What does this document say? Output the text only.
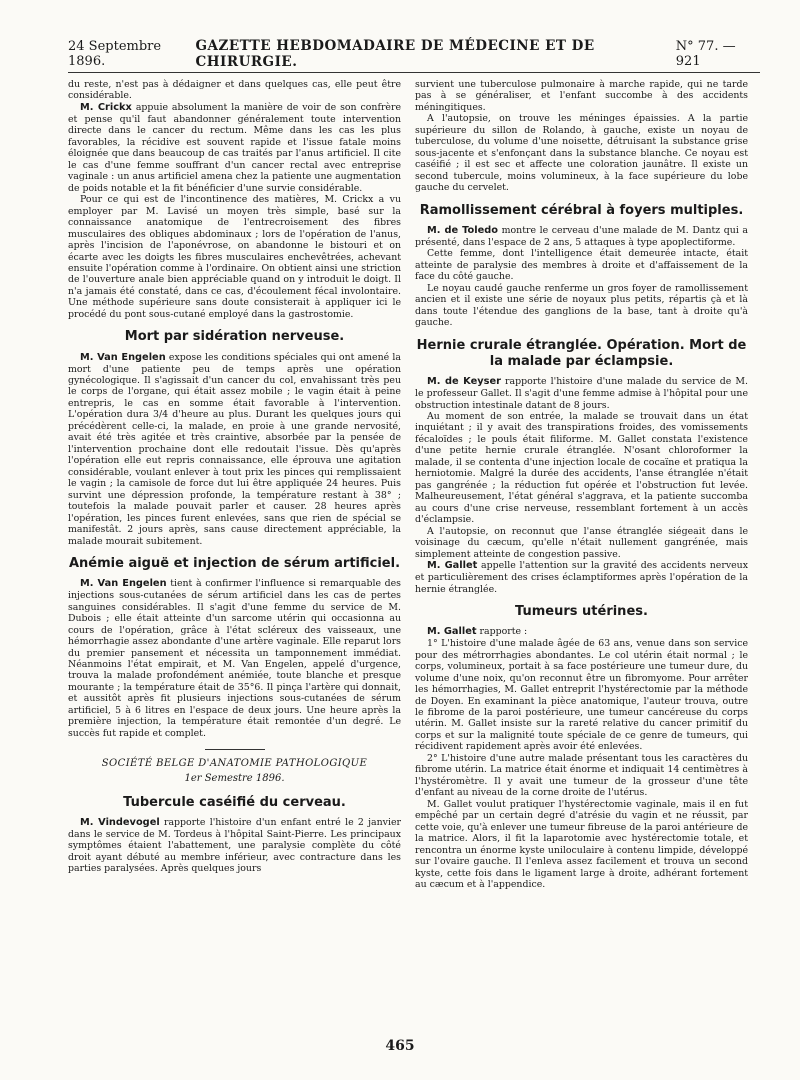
24 Septembre 1896.
GAZETTE HEBDOMADAIRE DE MÉDECINE ET DE CHIRURGIE.
N° 77. — 921

du reste, n'est pas à dédaigner et dans quelques cas, elle peut être considérable.

M. Crickx appuie absolument la manière de voir de son confrère et pense qu'il faut abandonner généralement toute intervention directe dans le cancer du rectum. Même dans les cas les plus favorables, la récidive est souvent rapide et l'issue fatale moins éloignée que dans beaucoup de cas traités par l'anus artificiel. Il cite le cas d'une femme souffrant d'un cancer rectal avec entreprise vaginale : un anus artificiel amena chez la patiente une augmentation de poids notable et la fit bénéficier d'une survie considérable.

Pour ce qui est de l'incontinence des matières, M. Crickx a vu employer par M. Lavisé un moyen très simple, basé sur la connaissance anatomique de l'entrecroisement des fibres musculaires des obliques abdominaux ; lors de l'opération de l'anus, après l'incision de l'aponévrose, on abandonne le bistouri et on écarte avec les doigts les fibres musculaires enchevêtrées, achevant ensuite l'opération comme à l'ordinaire. On obtient ainsi une striction de l'ouverture anale bien appréciable quand on y introduit le doigt. Il n'a jamais été constaté, dans ce cas, d'écoulement fécal involontaire. Une méthode supérieure sans doute consisterait à appliquer ici le procédé du pont sous-cutané employé dans la gastrostomie.

Mort par sidération nerveuse.

M. Van Engelen expose les conditions spéciales qui ont amené la mort d'une patiente peu de temps après une opération gynécologique. Il s'agissait d'un cancer du col, envahissant très peu le corps de l'organe, qui était assez mobile ; le vagin était à peine entrepris, le cas en somme était favorable à l'intervention. L'opération dura 3/4 d'heure au plus. Durant les quelques jours qui précédèrent celle-ci, la malade, en proie à une grande nervosité, avait été très agitée et très craintive, absorbée par la pensée de l'intervention prochaine dont elle redoutait l'issue. Dès qu'après l'opération elle eut repris connaissance, elle éprouva une agitation considérable, voulant enlever à tout prix les pinces qui remplissaient le vagin ; la camisole de force dut lui être appliquée 24 heures. Puis survint une dépression profonde, la température restant à 38° ; toutefois la malade pouvait parler et causer. 28 heures après l'opération, les pinces furent enlevées, sans que rien de spécial se manifestât. 2 jours après, sans cause directement appréciable, la malade mourait subitement.

Anémie aiguë et injection de sérum artificiel.

M. Van Engelen tient à confirmer l'influence si remarquable des injections sous-cutanées de sérum artificiel dans les cas de pertes sanguines considérables. Il s'agit d'une femme du service de M. Dubois ; elle était atteinte d'un sarcome utérin qui occasionna au cours de l'opération, grâce à l'état scléreux des vaisseaux, une hémorrhagie assez abondante d'une artère vaginale. Elle reparut lors du premier pansement et nécessita un tamponnement immédiat. Néanmoins l'état empirait, et M. Van Engelen, appelé d'urgence, trouva la malade profondément anémiée, toute blanche et presque mourante ; la température était de 35°6. Il pinça l'artère qui donnait, et aussitôt après fit plusieurs injections sous-cutanées de sérum artificiel, 5 à 6 litres en l'espace de deux jours. Une heure après la première injection, la température était remontée d'un degré. Le succès fut rapide et complet.

SOCIÉTÉ BELGE D'ANATOMIE PATHOLOGIQUE
1er Semestre 1896.
Tubercule caséifié du cerveau.

M. Vindevogel rapporte l'histoire d'un enfant entré le 2 janvier dans le service de M. Tordeus à l'hôpital Saint-Pierre. Les principaux symptômes étaient l'abattement, une paralysie complète du côté droit ayant débuté au membre inférieur, avec contracture dans les parties paralysées. Après quelques jours

survient une tuberculose pulmonaire à marche rapide, qui ne tarde pas à se généraliser, et l'enfant succombe à des accidents méningitiques.

A l'autopsie, on trouve les méninges épaissies. A la partie supérieure du sillon de Rolando, à gauche, existe un noyau de tuberculose, du volume d'une noisette, détruisant la substance grise sous-jacente et s'enfonçant dans la substance blanche. Ce noyau est caséifié ; il est sec et affecte une coloration jaunâtre. Il existe un second tubercule, moins volumineux, à la face supérieure du lobe gauche du cervelet.

Ramollissement cérébral à foyers multiples.

M. de Toledo montre le cerveau d'une malade de M. Dantz qui a présenté, dans l'espace de 2 ans, 5 attaques à type apoplectiforme.

Cette femme, dont l'intelligence était demeurée intacte, était atteinte de paralysie des membres à droite et d'affaissement de la face du côté gauche.

Le noyau caudé gauche renferme un gros foyer de ramollissement ancien et il existe une série de noyaux plus petits, répartis çà et là dans toute l'étendue des ganglions de la base, tant à droite qu'à gauche.

Hernie crurale étranglée. Opération. Mort de la malade par éclampsie.

M. de Keyser rapporte l'histoire d'une malade du service de M. le professeur Gallet. Il s'agit d'une femme admise à l'hôpital pour une obstruction intestinale datant de 8 jours.

Au moment de son entrée, la malade se trouvait dans un état inquiétant ; il y avait des transpirations froides, des vomissements fécaloïdes ; le pouls était filiforme. M. Gallet constata l'existence d'une petite hernie crurale étranglée. N'osant chloroformer la malade, il se contenta d'une injection locale de cocaïne et pratiqua la herniotomie. Malgré la durée des accidents, l'anse étranglée n'était pas gangrénée ; la réduction fut opérée et l'obstruction fut levée. Malheureusement, l'état général s'aggrava, et la patiente succomba au cours d'une crise nerveuse, ressemblant fortement à un accès d'éclampsie.

A l'autopsie, on reconnut que l'anse étranglée siégeait dans le voisinage du cæcum, qu'elle n'était nullement gangrénée, mais simplement atteinte de congestion passive.

M. Gallet appelle l'attention sur la gravité des accidents nerveux et particulièrement des crises éclamptiformes après l'opération de la hernie étranglée.

Tumeurs utérines.

M. Gallet rapporte :

1° L'histoire d'une malade âgée de 63 ans, venue dans son service pour des métrorrhagies abondantes. Le col utérin était normal ; le corps, volumineux, portait à sa face postérieure une tumeur dure, du volume d'une noix, qu'on reconnut être un fibromyome. Pour arrêter les hémorrhagies, M. Gallet entreprit l'hystérectomie par la méthode de Doyen. En examinant la pièce anatomique, l'auteur trouva, outre le fibrome de la paroi postérieure, une tumeur cancéreuse du corps utérin. M. Gallet insiste sur la rareté relative du cancer primitif du corps et sur la malignité toute spéciale de ce genre de tumeurs, qui récidivent rapidement après avoir été enlevées.

2° L'histoire d'une autre malade présentant tous les caractères du fibrome utérin. La matrice était énorme et indiquait 14 centimètres à l'hystéromètre. Il y avait une tumeur de la grosseur d'une tête d'enfant au niveau de la corne droite de l'utérus.

M. Gallet voulut pratiquer l'hystérectomie vaginale, mais il en fut empêché par un certain degré d'atrésie du vagin et ne réussit, par cette voie, qu'à enlever une tumeur fibreuse de la paroi antérieure de la matrice. Alors, il fit la laparotomie avec hystérectomie totale, et rencontra un énorme kyste uniloculaire à contenu limpide, développé sur l'ovaire gauche. Il l'enleva assez facilement et trouva un second kyste, cette fois dans le ligament large à droite, adhérant fortement au cæcum et à l'appendice.

465
